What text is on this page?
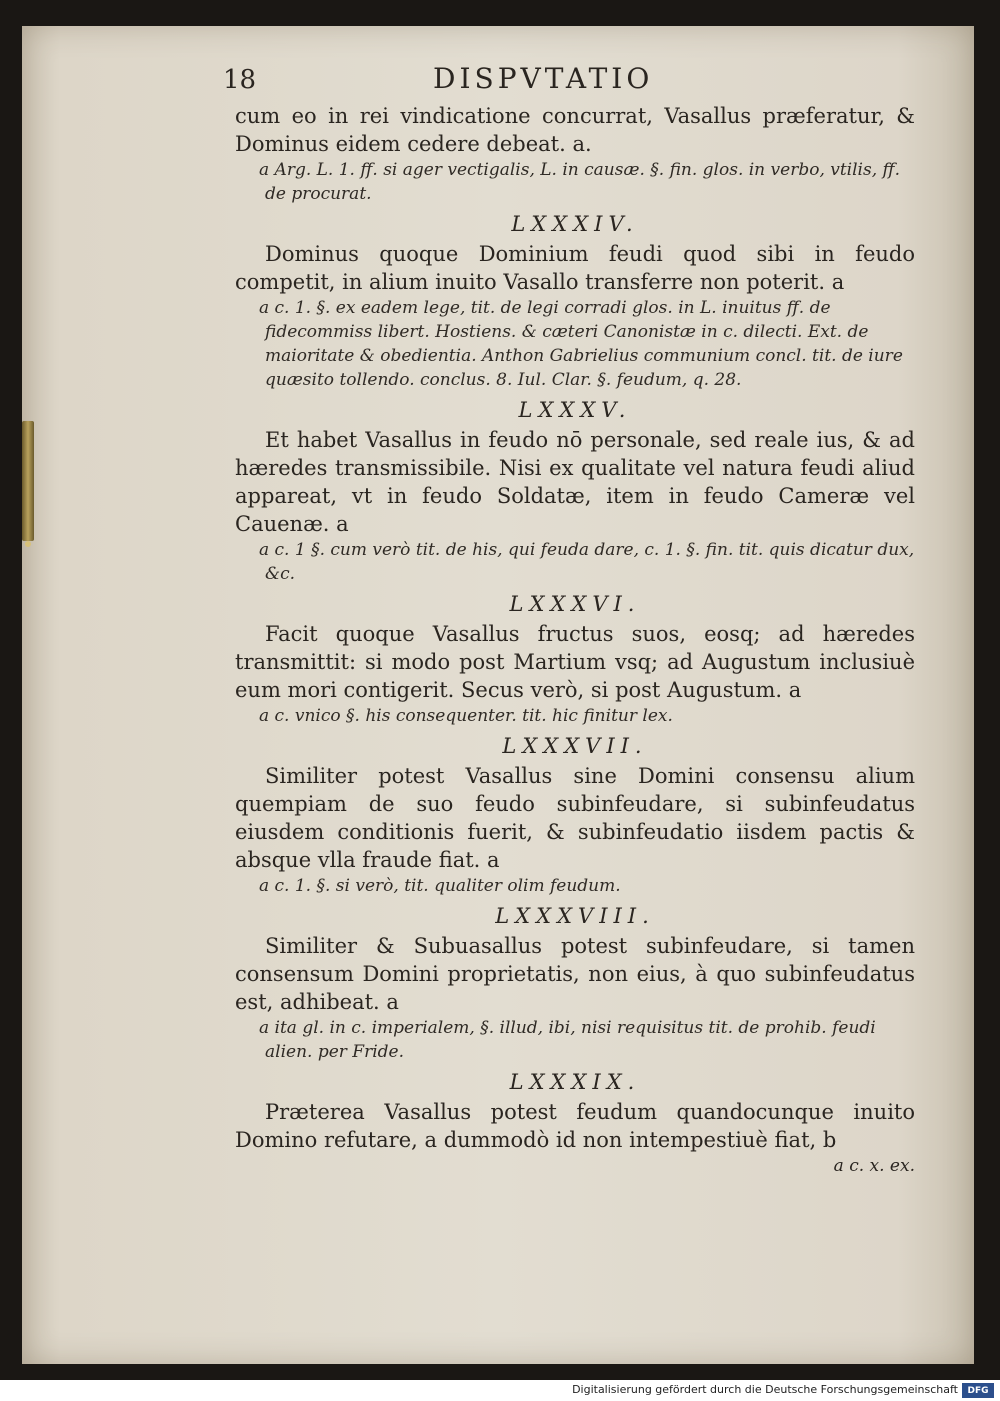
18	DISPVTATIO

cum eo in rei vindicatione concurrat, Vasallus præferatur, & Dominus eidem cedere debeat. a.

a Arg. L. 1. ff. si ager vectigalis, L. in causæ. §. fin. glos. in verbo, vtilis, ff. de procurat.

LXXXIV.

Dominus quoque Dominium feudi quod sibi in feudo competit, in alium inuito Vasallo transferre non poterit. a

a c. 1. §. ex eadem lege, tit. de legi corradi glos. in L. inuitus ff. de fidecommiss libert. Hostiens. & cæteri Canonistæ in c. dilecti. Ext. de maioritate & obedientia. Anthon Gabrielius communium concl. tit. de iure quæsito tollendo. conclus. 8. Iul. Clar. §. feudum, q. 28.

LXXXV.

Et habet Vasallus in feudo nō personale, sed reale ius, & ad hæredes transmissibile. Nisi ex qualitate vel natura feudi aliud appareat, vt in feudo Soldatæ, item in feudo Cameræ vel Cauenæ. a

a c. 1 §. cum verò tit. de his, qui feuda dare, c. 1. §. fin. tit. quis dicatur dux, &c.

LXXXVI.

Facit quoque Vasallus fructus suos, eosq; ad hæredes transmittit: si modo post Martium vsq; ad Augustum inclusiuè eum mori contigerit. Secus verò, si post Augustum. a

a c. vnico §. his consequenter. tit. hic finitur lex.

LXXXVII.

Similiter potest Vasallus sine Domini consensu alium quempiam de suo feudo subinfeudare, si subinfeudatus eiusdem conditionis fuerit, & subinfeudatio iisdem pactis & absque vlla fraude fiat. a

a c. 1. §. si verò, tit. qualiter olim feudum.

LXXXVIII.

Similiter & Subuasallus potest subinfeudare, si tamen consensum Domini proprietatis, non eius, à quo subinfeudatus est, adhibeat. a

a ita gl. in c. imperialem, §. illud, ibi, nisi requisitus tit. de prohib. feudi alien. per Fride.

LXXXIX.

Præterea Vasallus potest feudum quandocunque inuito Domino refutare, a dummodò id non intempestiuè fiat, b

a c. x. ex.

Digitalisierung gefördert durch die Deutsche Forschungsgemeinschaft	DFG
